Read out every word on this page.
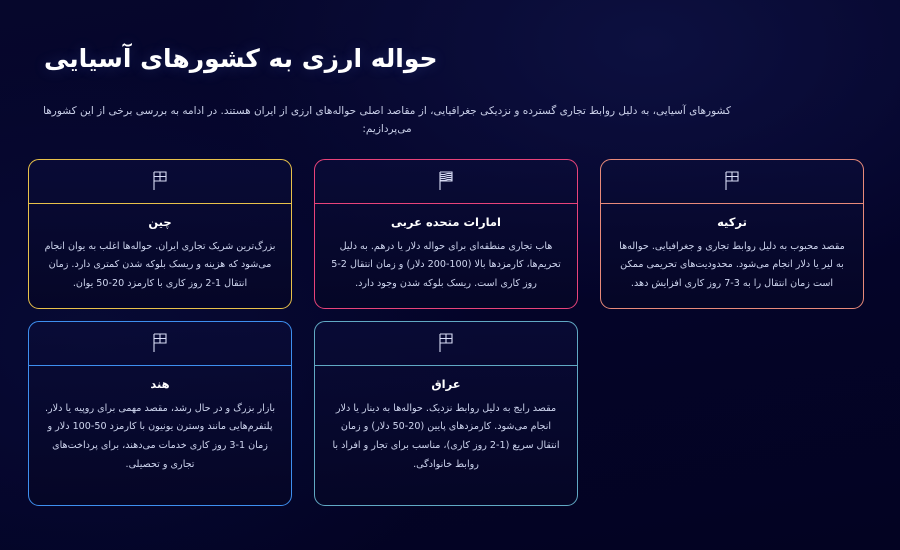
حواله ارزی به کشورهای آسیایی

کشورهای آسیایی، به دلیل روابط تجاری گسترده و نزدیکی جغرافیایی، از مقاصد اصلی حواله‌های ارزی از ایران هستند. در ادامه به بررسی برخی از این کشورها می‌پردازیم:

چین
بزرگ‌ترین شریک تجاری ایران. حواله‌ها اغلب به یوان انجام می‌شود که هزینه و ریسک بلوکه شدن کمتری دارد. زمان انتقال 1-2 روز کاری با کارمزد 20-50 یوان.
امارات متحده عربی
هاب تجاری منطقه‌ای برای حواله دلار یا درهم. به دلیل تحریم‌ها، کارمزدها بالا (100-200 دلار) و زمان انتقال 2-5 روز کاری است. ریسک بلوکه شدن وجود دارد.
ترکیه
مقصد محبوب به دلیل روابط تجاری و جغرافیایی. حواله‌ها به لیر یا دلار انجام می‌شود. محدودیت‌های تحریمی ممکن است زمان انتقال را به 3-7 روز کاری افزایش دهد.
هند
بازار بزرگ و در حال رشد، مقصد مهمی برای روپیه یا دلار. پلتفرم‌هایی مانند وسترن یونیون با کارمزد 50-100 دلار و زمان 1-3 روز کاری خدمات می‌دهند، برای پرداخت‌های تجاری و تحصیلی.
عراق
مقصد رایج به دلیل روابط نزدیک. حواله‌ها به دینار یا دلار انجام می‌شود. کارمزدهای پایین (20-50 دلار) و زمان انتقال سریع (1-2 روز کاری)، مناسب برای تجار و افراد با روابط خانوادگی.
